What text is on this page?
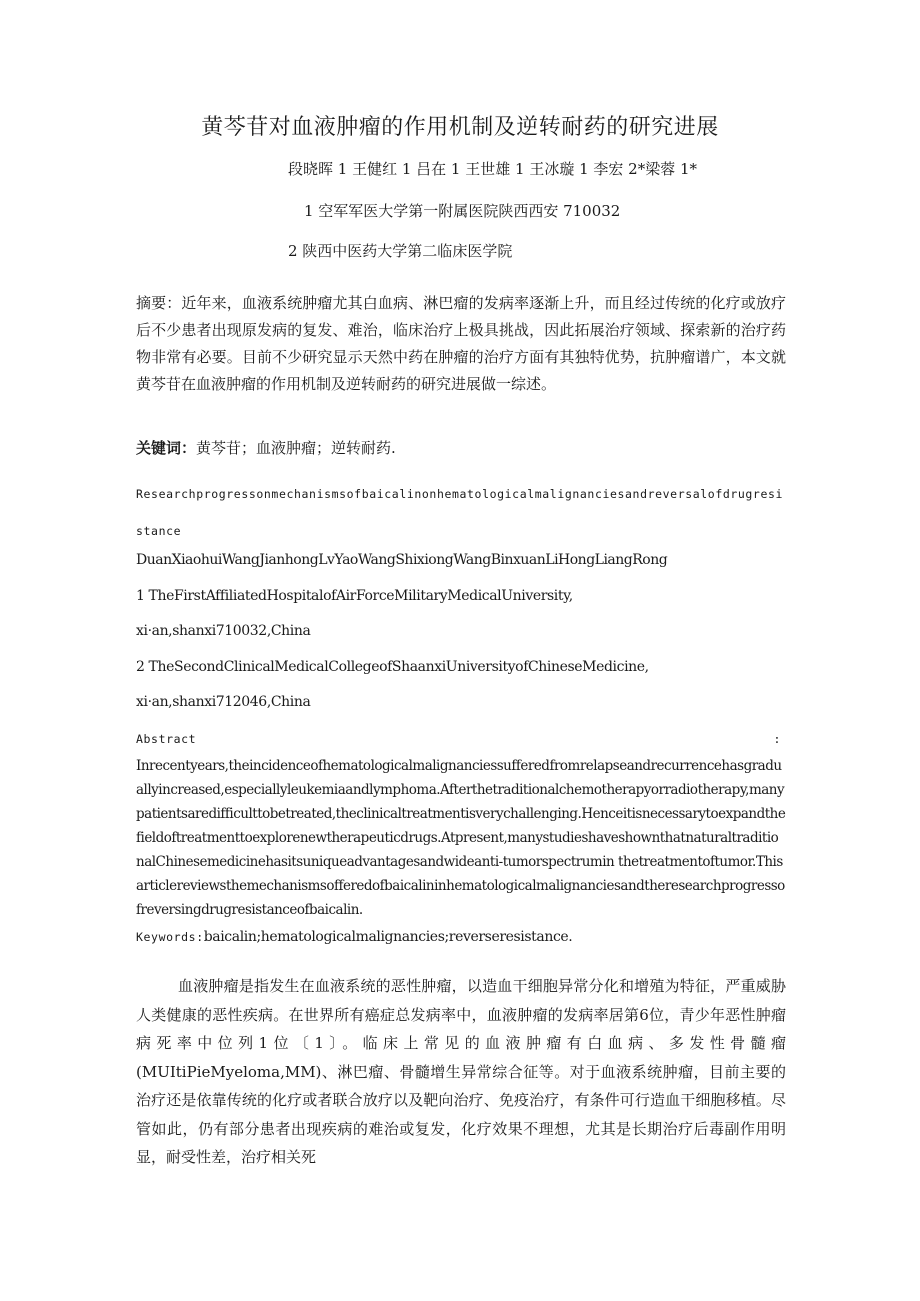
黄芩苷对血液肿瘤的作用机制及逆转耐药的研究进展
段晓晖 1 王健红 1 吕在 1 王世雄 1 王冰璇 1 李宏 2*梁蓉 1*
1 空军军医大学第一附属医院陕西西安 710032
2 陕西中医药大学第二临床医学院
摘要：近年来，血液系统肿瘤尤其白血病、淋巴瘤的发病率逐渐上升，而且经过传统的化疗或放疗后不少患者出现原发病的复发、难治，临床治疗上极具挑战，因此拓展治疗领域、探索新的治疗药物非常有必要。目前不少研究显示天然中药在肿瘤的治疗方面有其独特优势，抗肿瘤谱广，本文就黄芩苷在血液肿瘤的作用机制及逆转耐药的研究进展做一综述。
关键词：黄芩苷；血液肿瘤；逆转耐药.
Researchprogressonmechanismsofbaicalinonhematologicalmalignanciesandreversalofdrugresistance
DuanXiaohuiWangJianhongLvYaoWangShixiongWangBinxuanLiHongLiangRong
1 TheFirstAffiliatedHospitalofAirForceMilitaryMedicalUniversity,
xi·an,shanxi710032,China
2 TheSecondClinicalMedicalCollegeofShaanxiUniversityofChineseMedicine,
xi·an,shanxi712046,China
Abstract	:
Inrecentyears,theincidenceofhematologicalmalignanciessufferedfromrelapseandrecurrencehasgraduallyincreased,especiallyleukemiaandlymphoma.Afterthetraditionalchemotherapyorradiotherapy,manypatientsaredifficulttobetreated,theclinicaltreatmentisverychallenging.Henceitisnecessarytoexpandthefieldoftreatmenttoexplorenewtherapeuticdrugs.Atpresent,manystudieshaveshownthatnaturaltraditionalChinesemedicinehasitsuniqueadvantagesandwideanti-tumorspectrumin thetreatmentoftumor.Thisarticlereviewsthemechanismsofferedofbaicalininhematologicalmalignanciesandtheresearchprogressofreversingdrugresistanceofbaicalin.
Keywords:baicalin;hematologicalmalignancies;reverseresistance.
血液肿瘤是指发生在血液系统的恶性肿瘤，以造血干细胞异常分化和增殖为特征，严重威胁人类健康的恶性疾病。在世界所有癌症总发病率中，血液肿瘤的发病率居第6位，青少年恶性肿瘤病死率中位列1位〔1〕。临床上常见的血液肿瘤有白血病、多发性骨髓瘤(MUItiPieMyeloma,MM)、淋巴瘤、骨髓增生异常综合征等。对于血液系统肿瘤，目前主要的治疗还是依靠传统的化疗或者联合放疗以及靶向治疗、免疫治疗，有条件可行造血干细胞移植。尽管如此，仍有部分患者出现疾病的难治或复发，化疗效果不理想，尤其是长期治疗后毒副作用明显，耐受性差，治疗相关死
